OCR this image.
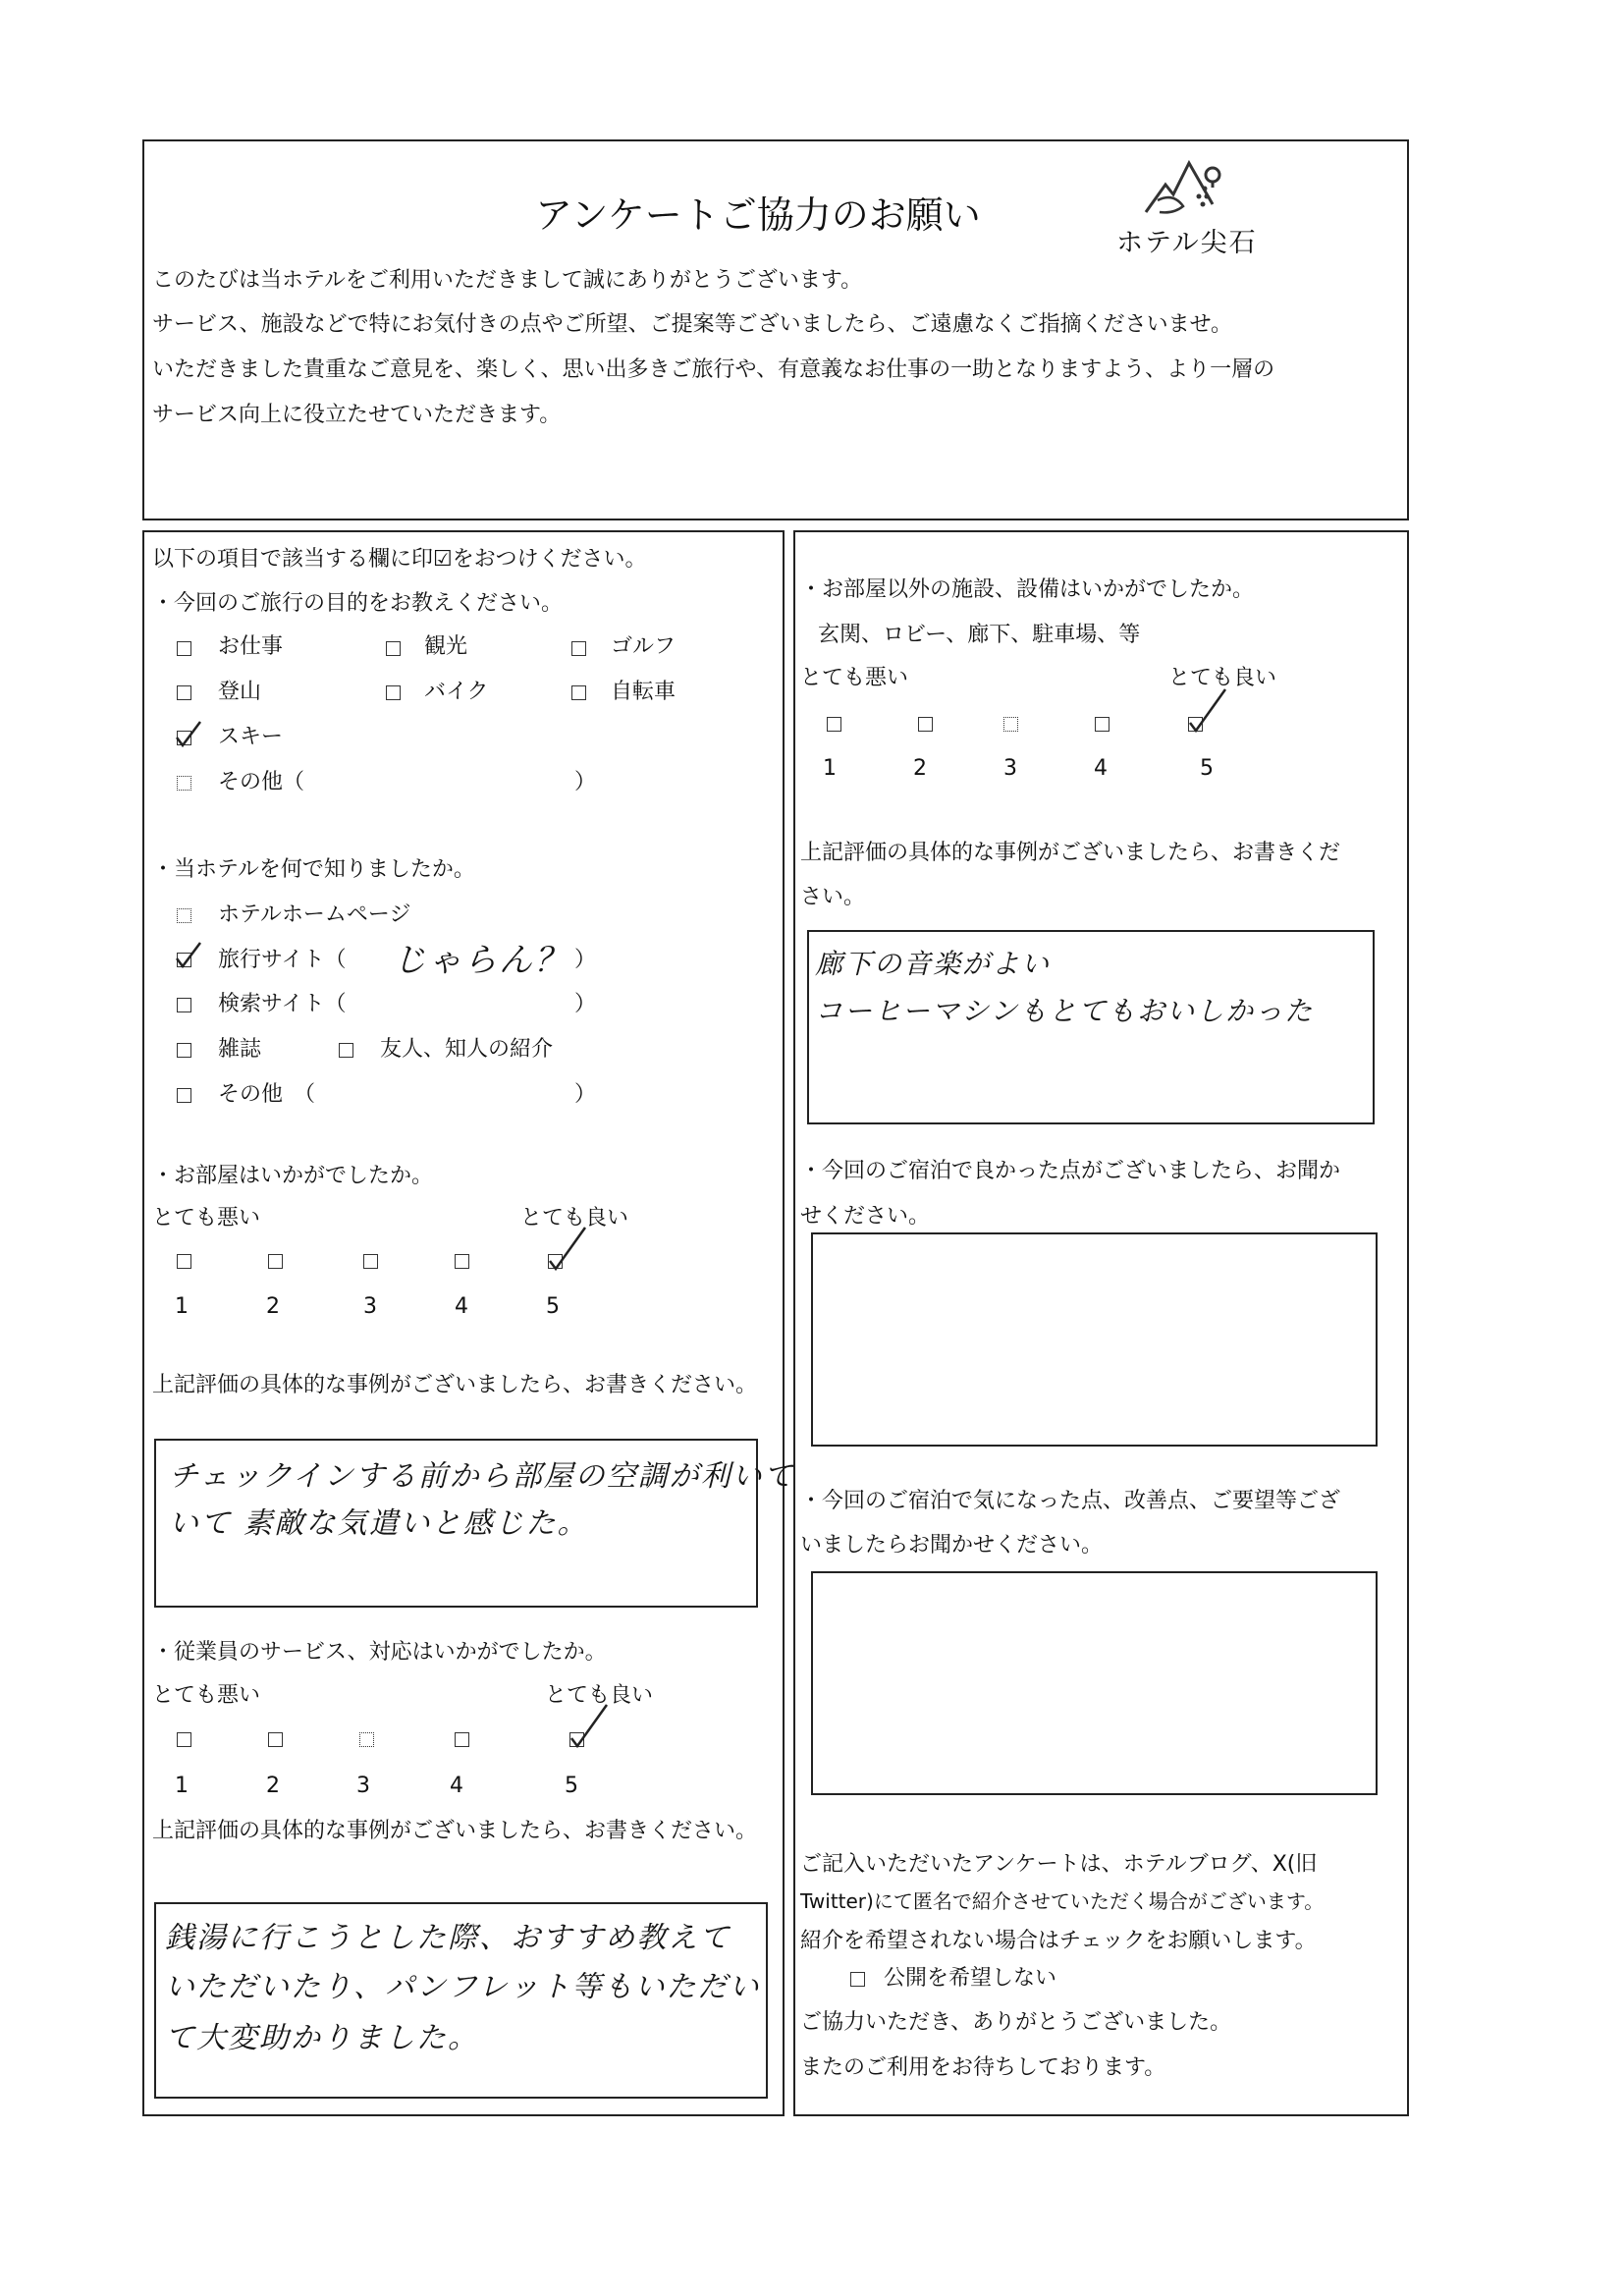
アンケートご協力のお願い
ホテル尖石
このたびは当ホテルをご利用いただきまして誠にありがとうございます。
サービス、施設などで特にお気付きの点やご所望、ご提案等ございましたら、ご遠慮なくご指摘くださいませ。
いただきました貴重なご意見を、楽しく、思い出多きご旅行や、有意義なお仕事の一助となりますよう、より一層の
サービス向上に役立たせていただきます。
以下の項目で該当する欄に印☑をおつけください。
・今回のご旅行の目的をお教えください。
お仕事	観光	ゴルフ
登山	バイク	自転車
スキー
その他（	）
・当ホテルを何で知りましたか。
ホテルホームページ
旅行サイト（ じゃらん？ ）
検索サイト（	）
雑誌	友人、知人の紹介
その他　（	）
・お部屋はいかがでしたか。
とても悪い	とても良い
1	2	3	4	5
上記評価の具体的な事例がございましたら、お書きください。
チェックインする前から部屋の空調が利いて
いて 素敵な気遣いと感じた。
・従業員のサービス、対応はいかがでしたか。
とても悪い	とても良い
1	2	3	4	5
上記評価の具体的な事例がございましたら、お書きください。
銭湯に行こうとした際、おすすめ教えて
いただいたり、パンフレット等もいただい
て大変助かりました。
・お部屋以外の施設、設備はいかがでしたか。
玄関、ロビー、廊下、駐車場、等
とても悪い	とても良い
1	2	3	4	5
上記評価の具体的な事例がございましたら、お書きくだ
さい。
廊下の音楽がよい
コーヒーマシンもとてもおいしかった
・今回のご宿泊で良かった点がございましたら、お聞か
せください。
・今回のご宿泊で気になった点、改善点、ご要望等ござ
いましたらお聞かせください。
ご記入いただいたアンケートは、ホテルブログ、X(旧
Twitter)にて匿名で紹介させていただく場合がございます。
紹介を希望されない場合はチェックをお願いします。
公開を希望しない
ご協力いただき、ありがとうございました。
またのご利用をお待ちしております。
